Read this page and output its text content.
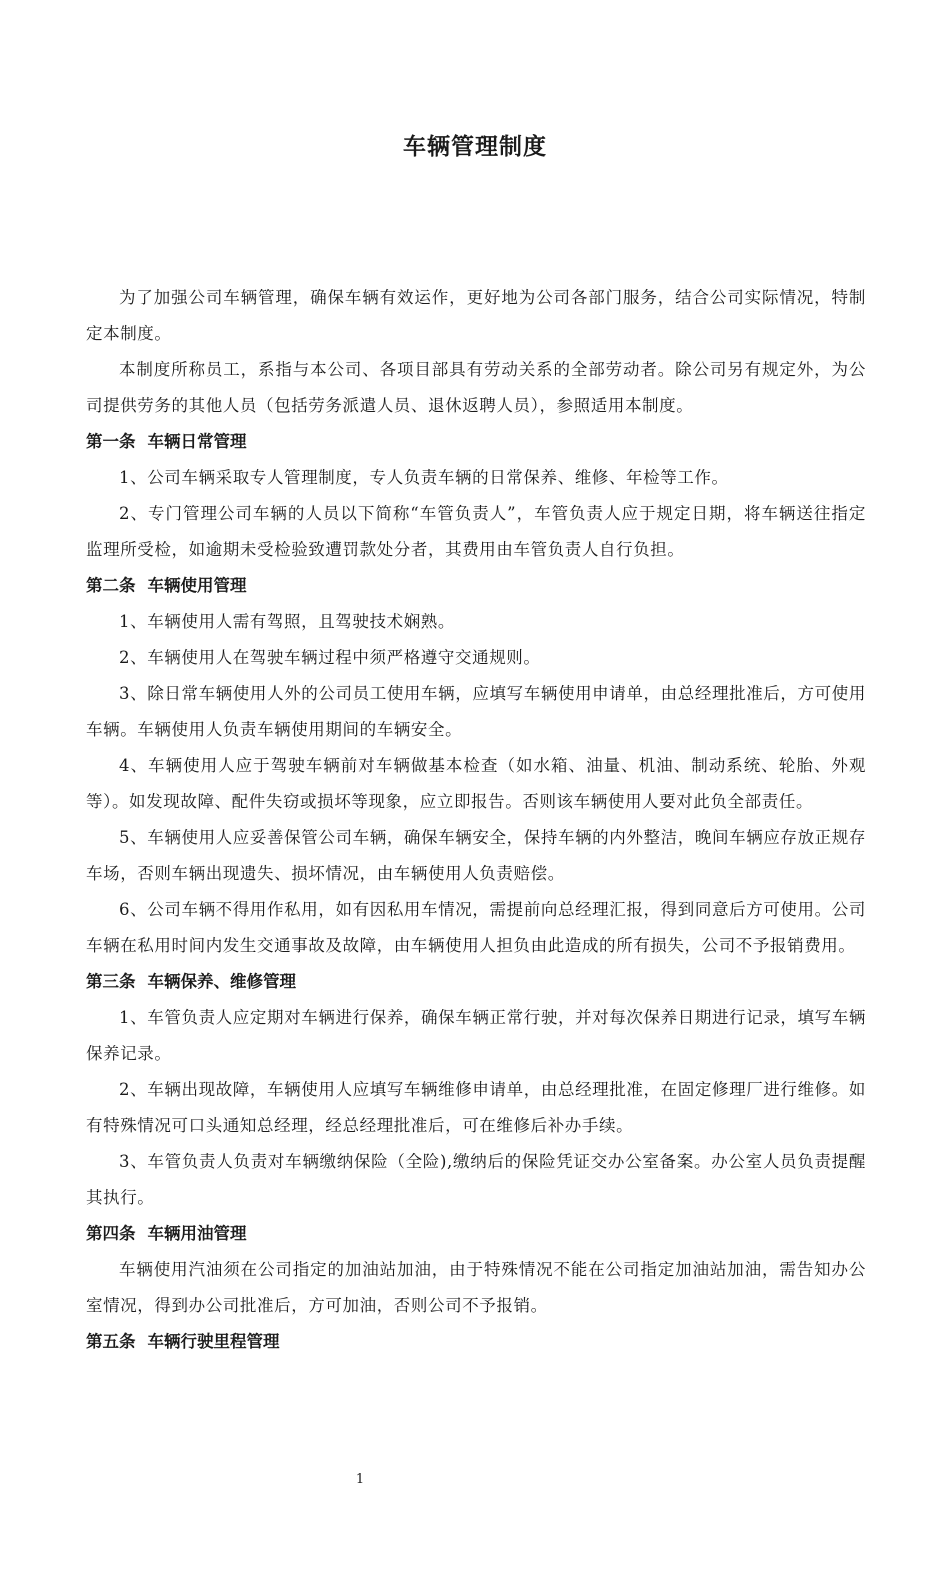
车辆管理制度

为了加强公司车辆管理，确保车辆有效运作，更好地为公司各部门服务，结合公司实际情况，特制定本制度。

本制度所称员工，系指与本公司、各项目部具有劳动关系的全部劳动者。除公司另有规定外，为公司提供劳务的其他人员（包括劳务派遣人员、退休返聘人员），参照适用本制度。

第一条 车辆日常管理

1、公司车辆采取专人管理制度，专人负责车辆的日常保养、维修、年检等工作。

2、专门管理公司车辆的人员以下简称“车管负责人”，车管负责人应于规定日期，将车辆送往指定监理所受检，如逾期未受检验致遭罚款处分者，其费用由车管负责人自行负担。

第二条 车辆使用管理

1、车辆使用人需有驾照，且驾驶技术娴熟。

2、车辆使用人在驾驶车辆过程中须严格遵守交通规则。

3、除日常车辆使用人外的公司员工使用车辆，应填写车辆使用申请单，由总经理批准后，方可使用车辆。车辆使用人负责车辆使用期间的车辆安全。

4、车辆使用人应于驾驶车辆前对车辆做基本检查（如水箱、油量、机油、制动系统、轮胎、外观等）。如发现故障、配件失窃或损坏等现象，应立即报告。否则该车辆使用人要对此负全部责任。

5、车辆使用人应妥善保管公司车辆，确保车辆安全，保持车辆的内外整洁，晚间车辆应存放正规存车场，否则车辆出现遗失、损坏情况，由车辆使用人负责赔偿。

6、公司车辆不得用作私用，如有因私用车情况，需提前向总经理汇报，得到同意后方可使用。公司车辆在私用时间内发生交通事故及故障，由车辆使用人担负由此造成的所有损失，公司不予报销费用。

第三条 车辆保养、维修管理

1、车管负责人应定期对车辆进行保养，确保车辆正常行驶，并对每次保养日期进行记录，填写车辆保养记录。

2、车辆出现故障，车辆使用人应填写车辆维修申请单，由总经理批准，在固定修理厂进行维修。如有特殊情况可口头通知总经理，经总经理批准后，可在维修后补办手续。

3、车管负责人负责对车辆缴纳保险（全险),缴纳后的保险凭证交办公室备案。办公室人员负责提醒其执行。

第四条 车辆用油管理

车辆使用汽油须在公司指定的加油站加油，由于特殊情况不能在公司指定加油站加油，需告知办公室情况，得到办公司批准后，方可加油，否则公司不予报销。

第五条 车辆行驶里程管理
1
